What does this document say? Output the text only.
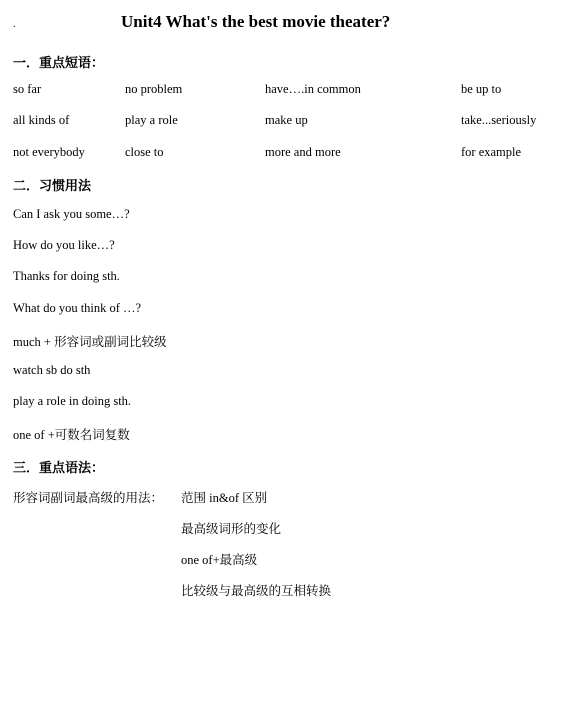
.	Unit4 What's the best movie theater?
一．重点短语：
so far	no problem	have….in common	be up to
all kinds of	play a role	make up	take...seriously
not everybody	close to	more and more	for example
二．习惯用法
Can I ask you some…?
How do you like…?
Thanks for doing sth.
What do you think of …?
much + 形容词或副词比较级
watch sb do sth
play a role in doing sth.
one of +可数名词复数
三．重点语法：
形容词副词最高级的用法： 范围 in&of 区别
最高级词形的变化
one of+最高级
比较级与最高级的互相转换
